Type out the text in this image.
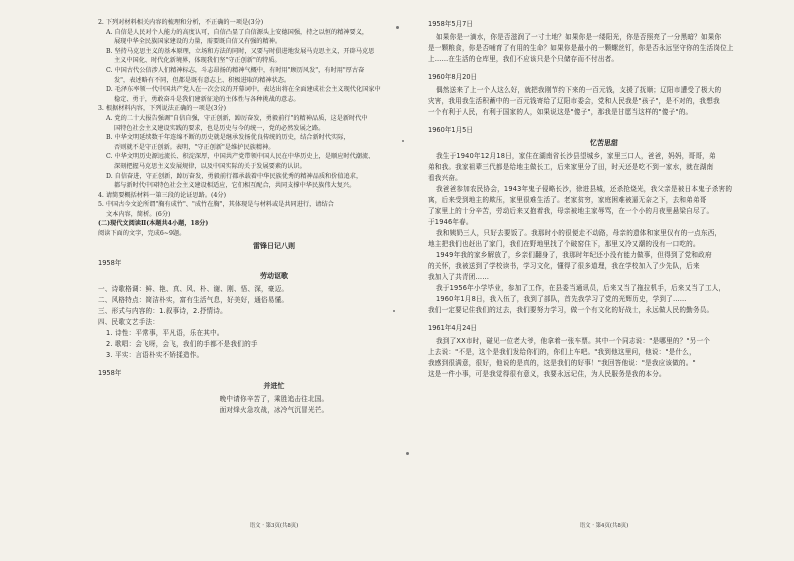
2. 下列对材料相关内容的梳理和分析，不正确的一项是(3分)

A. 自信是人民对个人能力的高度认可，自信凸显了自信源头上安德国强，持之以恒的精神要义，

展现中华全民族国家建设的力量，需要既自信又有强的精神。

B. 坚持马克思主义的基本原理，立场和方法的同时，又要与时俱进地发展马克思主义，开辟马克思

主义中国化、时代化新境界，体现我们坚"守正创新"的特质。

C. 中国古代公信涉人们精神标志，斗志昂扬的精神气概中，有时用"顾历风发"，有时用"厚古奋

发"，表述略有不同，但都是既有意志上、积极进取的精神状态。

D. 毛泽东率领一代中国共产党人在一次会议的开幕词中，表达出将在全面建成社会主义现代化国家中

稳定、勇于，勇敢奋斗是我们建新征途的主体性与各种挑战的意志。

3. 根据材料内容，下列说法正确的一项是(3分)

A. 党的二十大报告强调"自信自强，守正创新，踔厉奋发，勇毅前行"的精神品质，这是新时代中

国特色社会主义建设实践的要求，也是历史与今的统一，党的必然发展之路。

B. 中华文明延续数千年连绵不断的历史就是继承发扬优良传统的历史，结合新时代实际，

否则就不是守正创新。表明，"守正创新"是维护民族精神。

C. 中华文明历史源远流长、积淀深厚，中国共产党带领中国人民在中华历史上，是顺应时代潮流、

深刻把握马克思主义发展规律，以及中国实际的关于发展要素的认识。

D. 自信奋进，守正创新，踔厉奋发，勇毅前行都承载着中华民族优秀的精神品质和价值追求，

都与新时代中国特色社会主义建设相适应，它们相互配合，共同支撑中华民族伟大复兴。

4. 请简要概括材料一第三段的论证思路。(4分)

5. 中国古今文论所谓"胸有成竹"、"成竹在胸"，其体现是与材料或是共同进行，请结合

文本内容，简析。(6分)

(二)现代文阅读Ⅱ(本题共4小题，18分)

阅读下面的文字，完成6~9题。

雷锋日记八则

1958年

劳动讴歌

一、诗歌格调：鲜、艳、真、风、朴、谢、刚、悟、深，豪迈。

二、风格特点：简洁朴实，富有生活气息，好美好，通俗易懂。

三、形式与内容的：1.叙事诗，2.抒情诗。

四、民歌文艺手法：

1. 诗性：平常事，平凡语，乐在其中。

2. 歌唱：会飞呀，会飞，我们的手都不是我们的手

3. 平实：言语朴实不矫揉造作。

1958年

并进忙

晚中请你辛苦了，乘胜追击往北国。

面对烽火急攻战，冰冷气沉冒光芒。

语文 · 第3页(共8页)

1958年5月7日

如果你是一滴水，你是否滋润了一寸土地？如果你是一缕阳光，你是否照亮了一分黑暗？如果你

是一颗粮食，你是否哺育了有用的生命？如果你是最小的一颗螺丝钉，你是否永远坚守你的生活岗位上

上……在生活的仓库里，我们不应该只是个只储存而不付出者。

1960年8月20日

偶然送来了上一个人这么好，就把我刚节约下来的一百元钱，支援了抚顺；辽阳市遭受了极大的

灾害，我用我生活积蓄中的一百元钱寄给了辽阳市委会，党和人民我是"孩子"，是不对的，我想我

一个有利于人民，有利于国家的人，如果说这是"傻子"，那我是甘愿当这样的"傻子"的。

1960年1月5日

忆苦思甜

我生于1940年12月18日，家住在湖南省长沙县望城乡，家里三口人，爸爸，妈妈，哥哥，弟

弟和我。我家祖辈三代都是给地主做长工，后来家里分了田，时天还是吃不到一家水，就在湖南

看我兴奋。

我爸爸参加农民协会，1943年鬼子侵略长沙，徐进县城，还杀抢烧光，我父亲是被日本鬼子杀害的

寓，后来受到地主的欺压，家里很难生活了。老家贫穷，家庭困难被逼无奈之下，去和弟弟哥

了家里上的十分辛苦，劳动后来又抱着我，母亲被地主家辱骂，在一个小的月夜里悬梁自尽了。

于1946年春。

我和姨奶三人，只好去要饭了。我那时小的很便走不动路，母亲的遗体和家里仅有的一点东西，

地主把我们也赶出了家门，我们在野地里找了个破窑住下，那里又冷又潮的没有一口吃的。

1949年我的家乡解放了，乡亲们翻身了，我那时年纪还小没有能力做事，但得到了党和政府

的关怀，我被送到了学校读书，学习文化，懂得了很多道理，我在学校加入了少先队，后来

我加入了共青团……

我于1956年小学毕业，参加了工作，在县委当通讯员，后来又当了拖拉机手，后来又当了工人，

1960年1月8日，我入伍了，我到了部队，首先我学习了党的光辉历史，学到了……

我们一定要记住我们的过去，我们要努力学习，做一个有文化的好战士，永远做人民的勤务员。

1961年4月24日

我到了XX市时，碰见一位老大爷，他拿着一张车票。其中一个同志说："是哪里的？"另一个

上去说："不是，这个是我们发给你们的，你们上车吧。"我到他这里问，他说："是什么，

我感到很满意，很好，他说的是真的，这是我们的好事！"我回答他说："是我应该做的。"

这是一件小事，可是我觉得很有意义，我要永远记住，为人民服务是我的本分。

语文 · 第4页(共8页)
